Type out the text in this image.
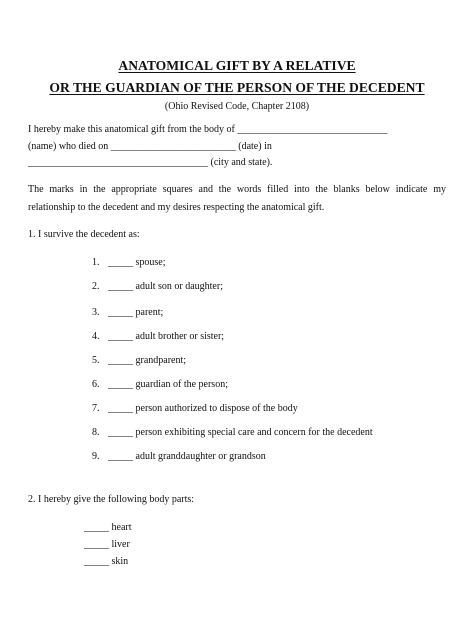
ANATOMICAL GIFT BY A RELATIVE
OR THE GUARDIAN OF THE PERSON OF THE DECEDENT
(Ohio Revised Code, Chapter 2108)
I hereby make this anatomical gift from the body of ______________________________
(name) who died on _________________________ (date) in
____________________________________ (city and state).
The marks in the appropriate squares and the words filled into the blanks below indicate my
relationship to the decedent and my desires respecting the anatomical gift.
1. I survive the decedent as:
1. _____ spouse;
2. _____ adult son or daughter;
3. _____ parent;
4. _____ adult brother or sister;
5. _____ grandparent;
6. _____ guardian of the person;
7. _____ person authorized to dispose of the body
8. _____ person exhibiting special care and concern for the decedent
9. _____ adult granddaughter or grandson
2. I hereby give the following body parts:
_____ heart
_____ liver
_____ skin
